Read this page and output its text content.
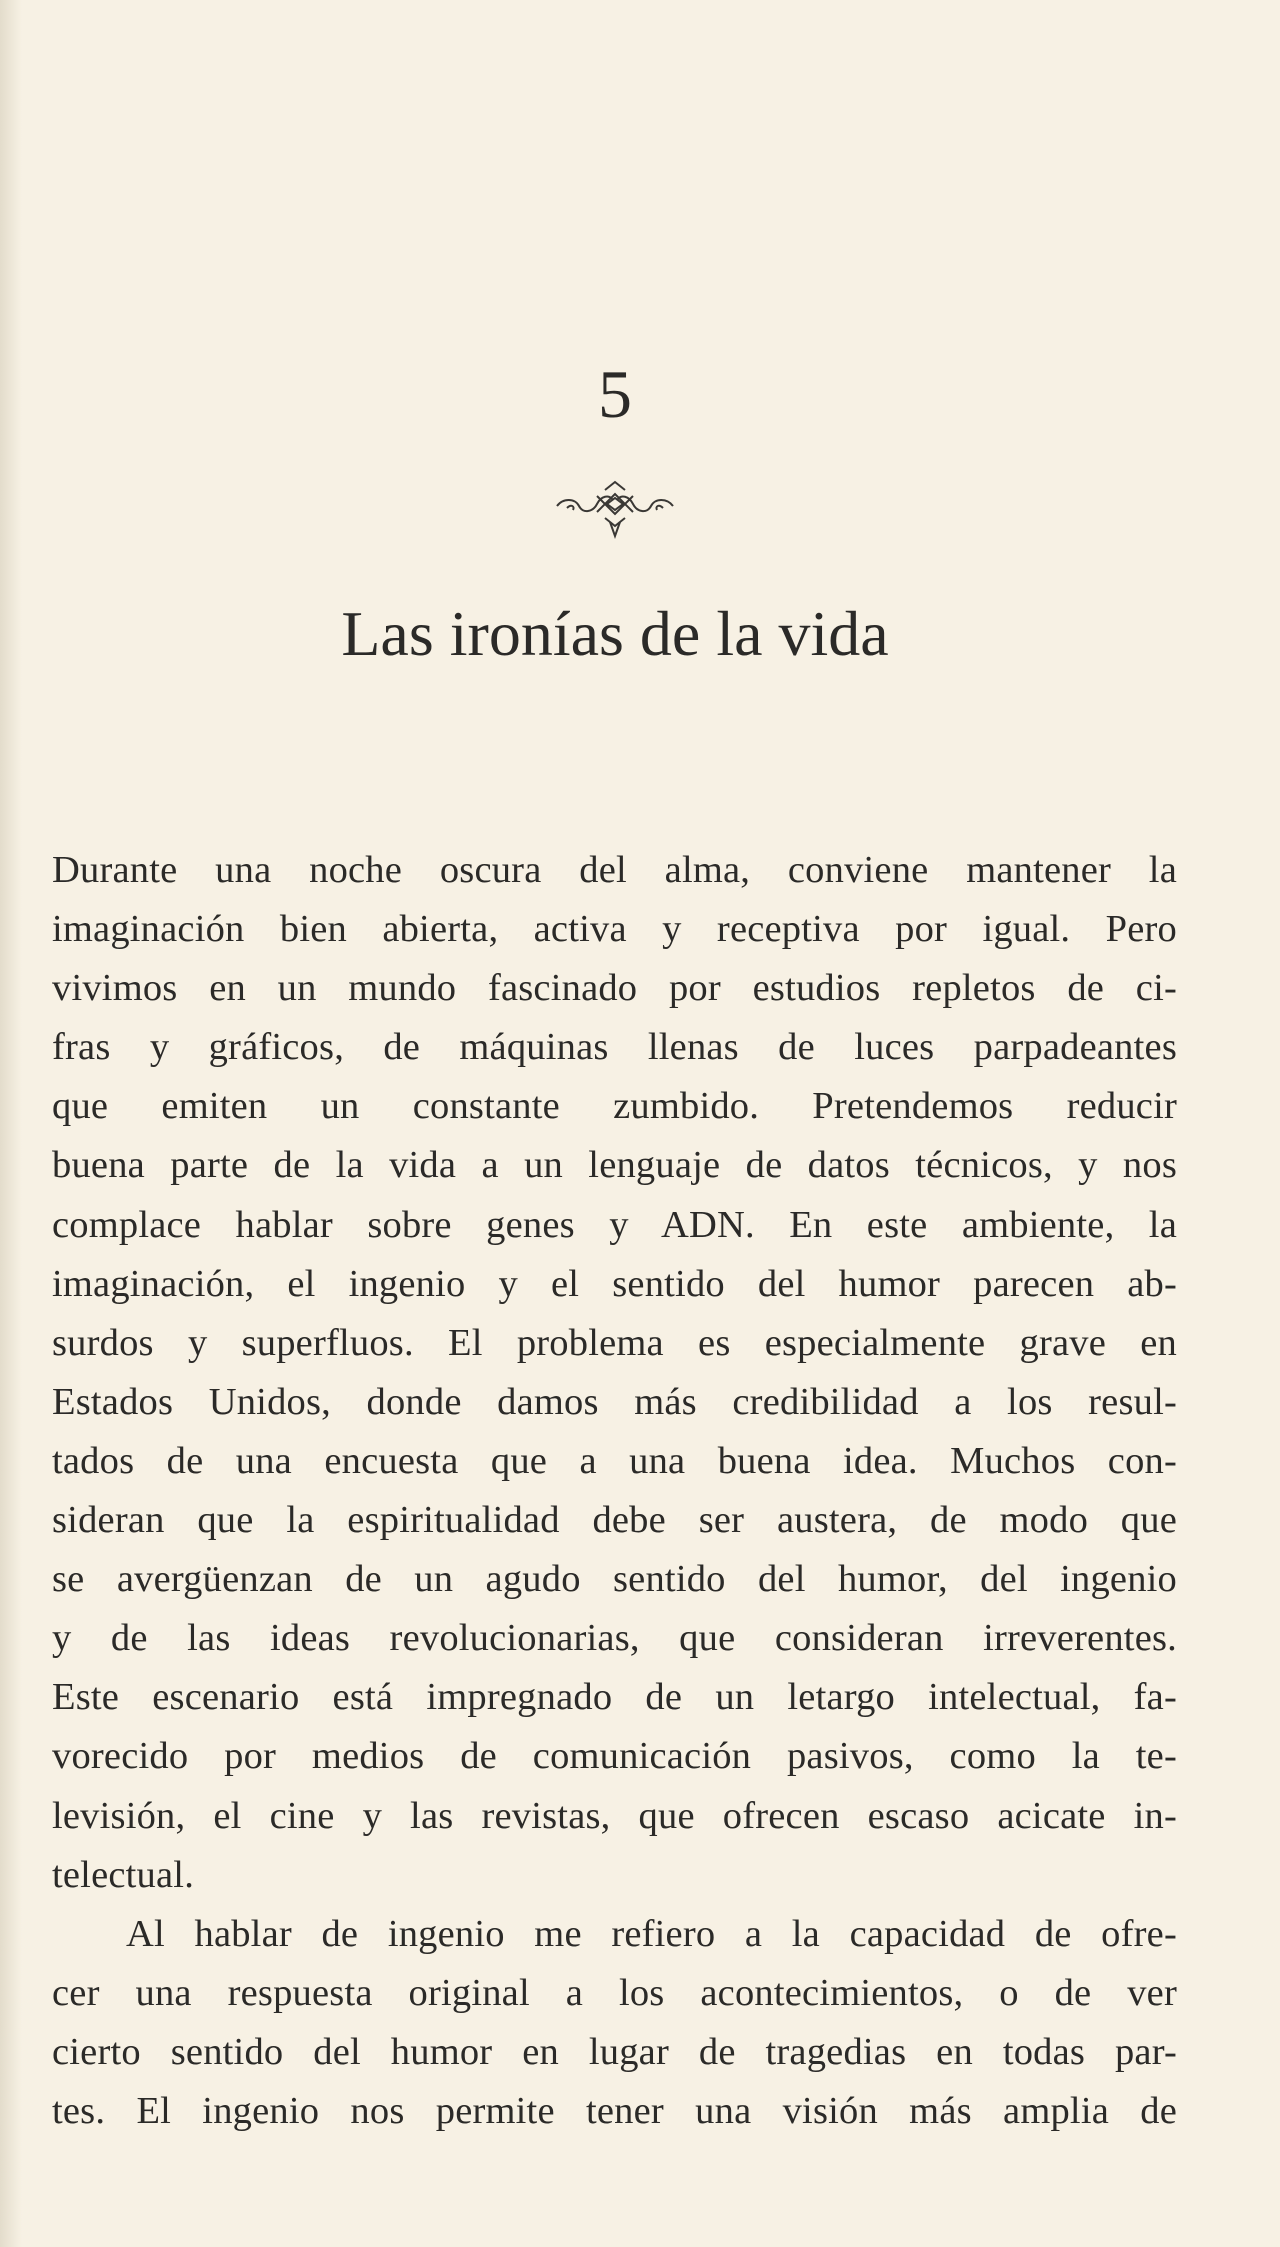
5
Las ironías de la vida
Durante una noche oscura del alma, conviene mantener la
imaginación bien abierta, activa y receptiva por igual. Pero
vivimos en un mundo fascinado por estudios repletos de ci-
fras y gráficos, de máquinas llenas de luces parpadeantes
que emiten un constante zumbido. Pretendemos reducir
buena parte de la vida a un lenguaje de datos técnicos, y nos
complace hablar sobre genes y ADN. En este ambiente, la
imaginación, el ingenio y el sentido del humor parecen ab-
surdos y superfluos. El problema es especialmente grave en
Estados Unidos, donde damos más credibilidad a los resul-
tados de una encuesta que a una buena idea. Muchos con-
sideran que la espiritualidad debe ser austera, de modo que
se avergüenzan de un agudo sentido del humor, del ingenio
y de las ideas revolucionarias, que consideran irreverentes.
Este escenario está impregnado de un letargo intelectual, fa-
vorecido por medios de comunicación pasivos, como la te-
levisión, el cine y las revistas, que ofrecen escaso acicate in-
telectual.
Al hablar de ingenio me refiero a la capacidad de ofre-
cer una respuesta original a los acontecimientos, o de ver
cierto sentido del humor en lugar de tragedias en todas par-
tes. El ingenio nos permite tener una visión más amplia de
